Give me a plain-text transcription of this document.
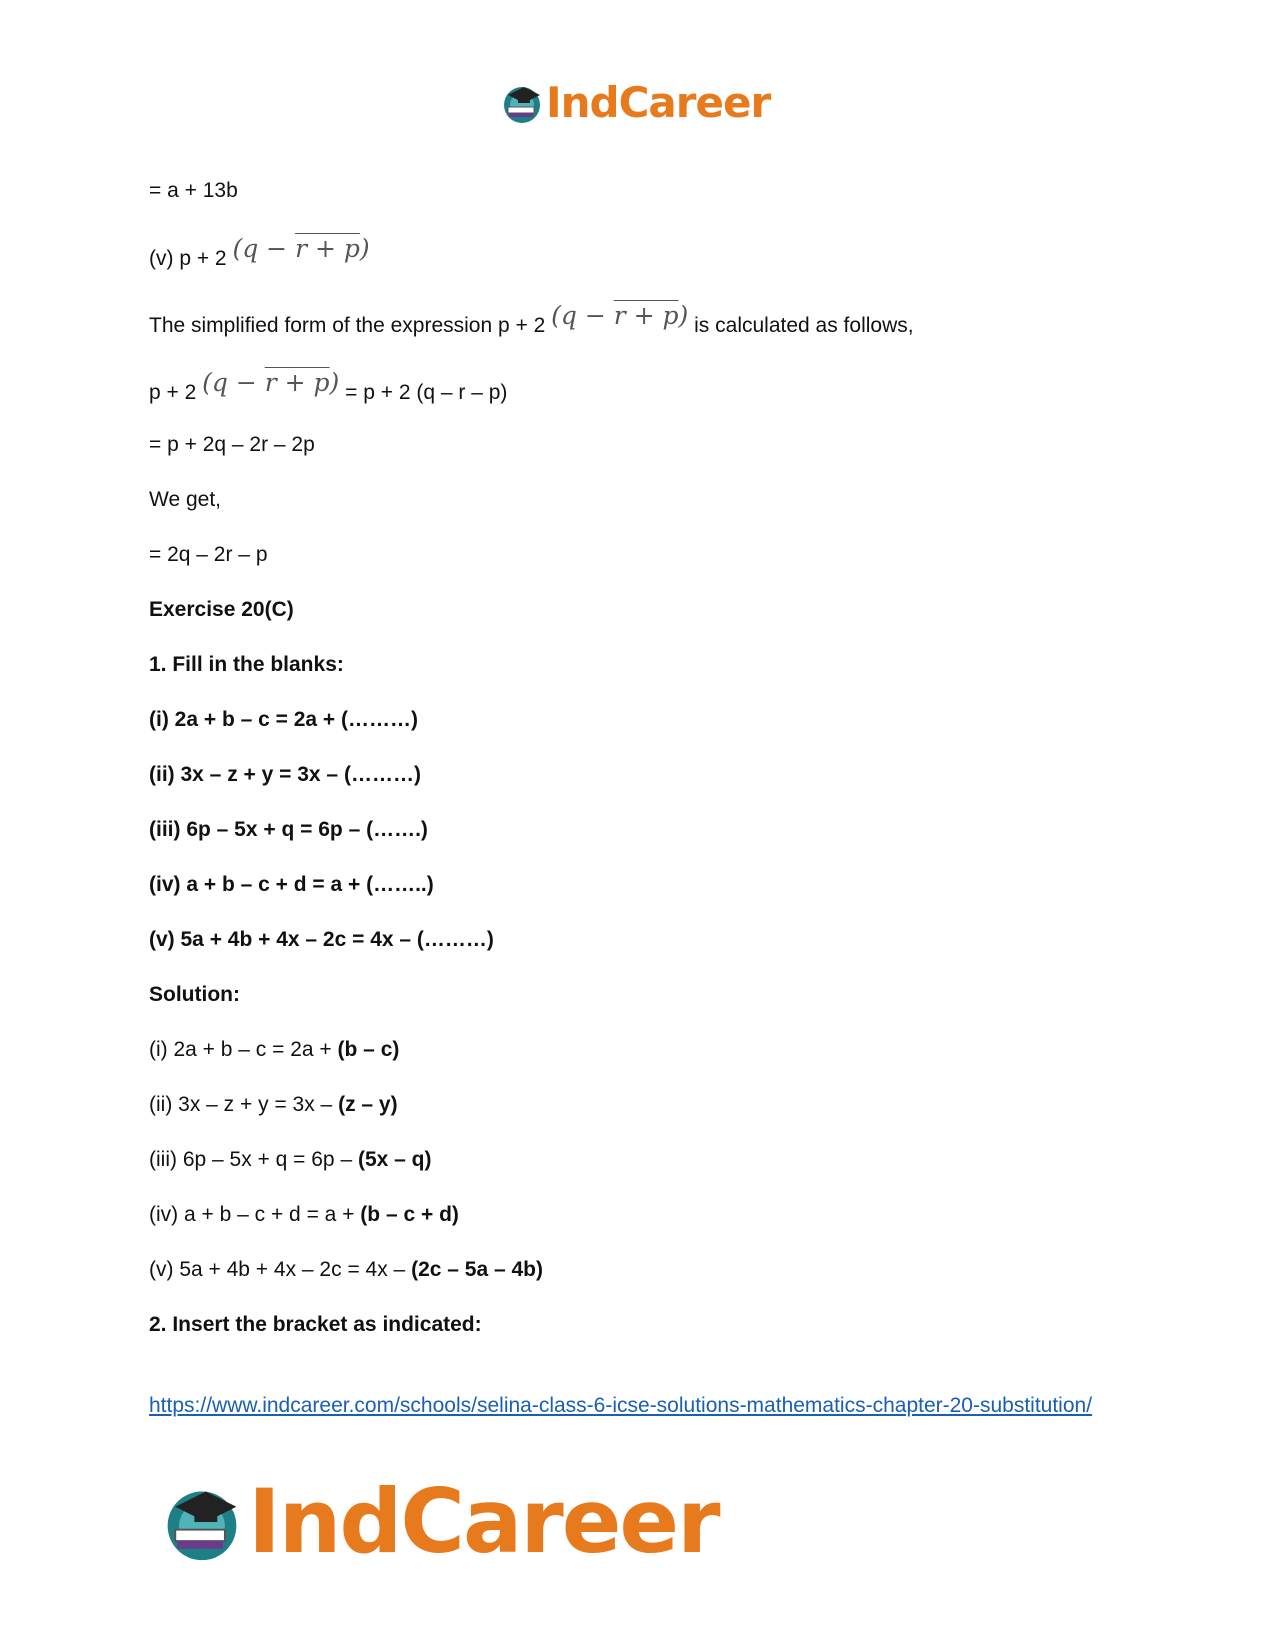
IndCareer
= a + 13b
(v) p + 2 (q − r + p)
The simplified form of the expression p + 2 (q − r + p) is calculated as follows,
p + 2 (q − r + p) = p + 2 (q – r – p)
= p + 2q – 2r – 2p
We get,
= 2q – 2r – p
Exercise 20(C)
1. Fill in the blanks:
(i) 2a + b – c = 2a + (………)
(ii) 3x – z + y = 3x – (………)
(iii) 6p – 5x + q = 6p – (…….)
(iv) a + b – c + d = a + (……..)
(v) 5a + 4b + 4x – 2c = 4x – (………)
Solution:
(i) 2a + b – c = 2a + (b – c)
(ii) 3x – z + y = 3x – (z – y)
(iii) 6p – 5x + q = 6p – (5x – q)
(iv) a + b – c + d = a + (b – c + d)
(v) 5a + 4b + 4x – 2c = 4x – (2c – 5a – 4b)
2. Insert the bracket as indicated:
https://www.indcareer.com/schools/selina-class-6-icse-solutions-mathematics-chapter-20-substitution/
IndCareer
